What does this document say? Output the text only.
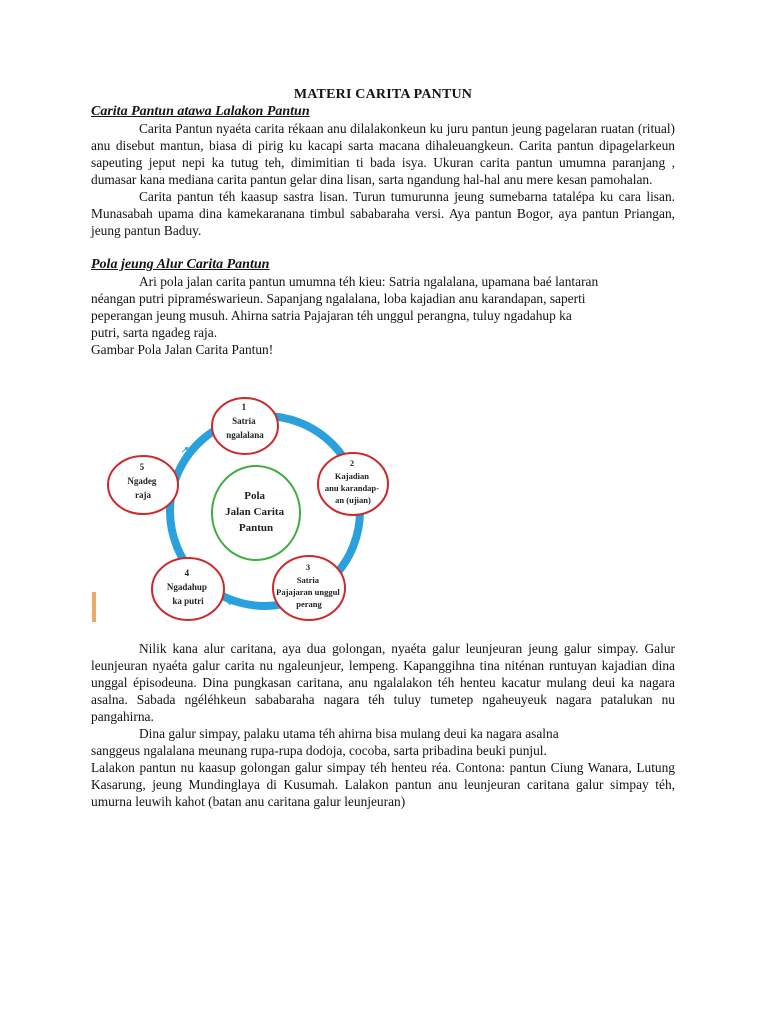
MATERI CARITA PANTUN

Carita Pantun atawa Lalakon Pantun

Carita Pantun nyaéta carita rékaan anu dilalakonkeun ku juru pantun jeung pagelaran ruatan (ritual) anu disebut mantun, biasa di pirig ku kacapi sarta macana dihaleuangkeun. Carita pantun dipagelarkeun sapeuting jeput nepi ka tutug teh, dimimitian ti bada isya. Ukuran carita pantun umumna paranjang , dumasar kana mediana carita pantun gelar dina lisan, sarta ngandung hal-hal anu mere kesan pamohalan.

Carita pantun téh kaasup sastra lisan. Turun tumurunna jeung sumebarna tatalépa ku cara lisan. Munasabah upama dina kamekaranana timbul sababaraha versi. Aya pantun Bogor, aya pantun Priangan, jeung pantun Baduy.

Pola jeung Alur Carita Pantun

Ari pola jalan carita pantun umumna téh kieu: Satria ngalalana, upamana baé lantaran

néangan putri pipraméswarieun. Sapanjang ngalalana, loba kajadian anu karandapan, saperti

peperangan jeung musuh. Ahirna satria Pajajaran téh unggul perangna, tuluy ngadahup ka

putri, sarta ngadeg raja.

Gambar Pola Jalan Carita Pantun!

Pola Jalan Carita Pantun
1 Satria ngalalana
2 Kajadian anu karandap- an (ujian)
3 Satria Pajajaran unggul perang
4 Ngadahup ka putri
5 Ngadeg raja

Nilik kana alur caritana, aya dua golongan, nyaéta galur leunjeuran jeung galur simpay. Galur leunjeuran nyaéta galur carita nu ngaleunjeur, lempeng. Kapanggihna tina niténan runtuyan kajadian dina unggal épisodeuna. Dina pungkasan caritana, anu ngalalakon téh henteu kacatur mulang deui ka nagara asalna. Sabada ngéléhkeun sababaraha nagara téh tuluy tumetep ngaheuyeuk nagara patalukan nu pangahirna.

Dina galur simpay, palaku utama téh ahirna bisa mulang deui ka nagara asalna

sanggeus ngalalana meunang rupa-rupa dodoja, cocoba, sarta pribadina beuki punjul.

Lalakon pantun nu kaasup golongan galur simpay téh henteu réa. Contona: pantun Ciung Wanara, Lutung Kasarung, jeung Mundinglaya di Kusumah. Lalakon pantun anu leunjeuran caritana galur simpay téh, umurna leuwih kahot (batan anu caritana galur leunjeuran)
